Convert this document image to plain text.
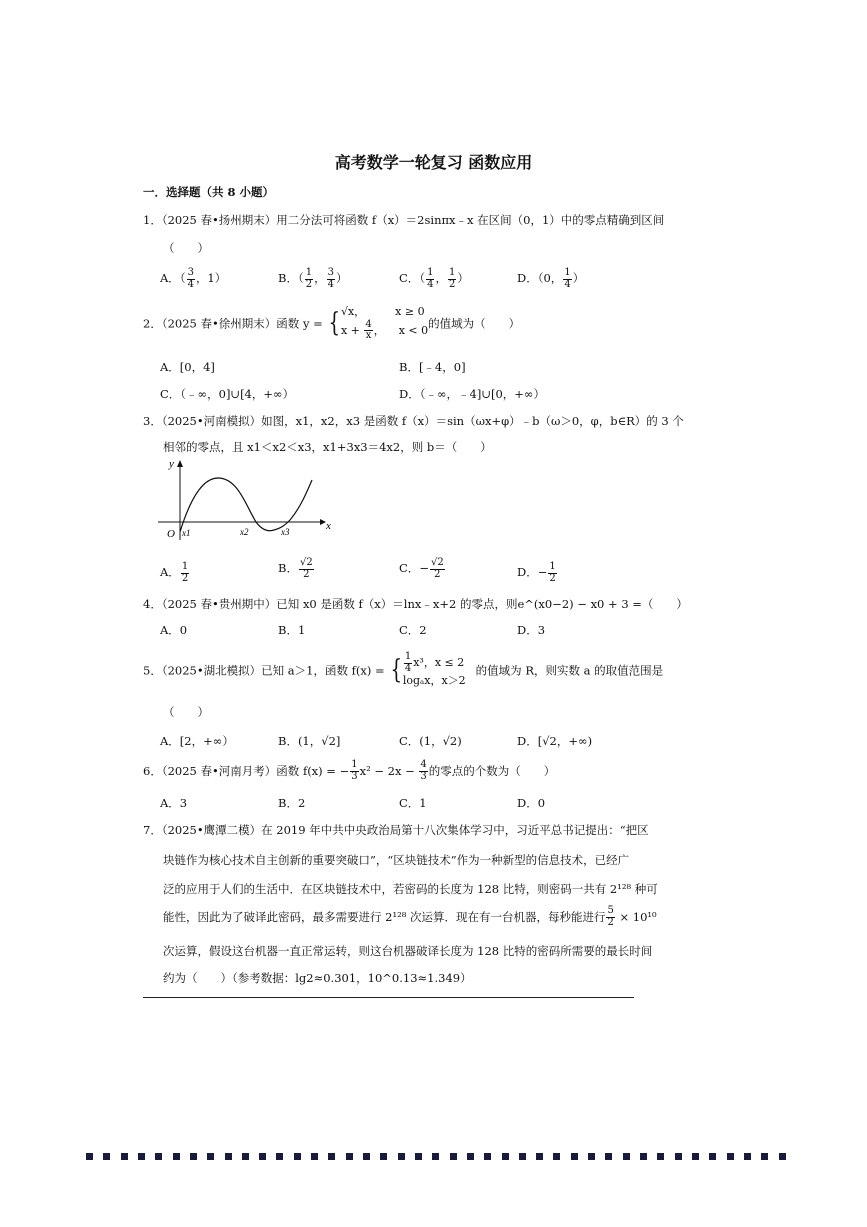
高考数学一轮复习 函数应用
一．选择题（共 8 小题）
1．（2025 春•扬州期末）用二分法可将函数 f（x）＝2sinπx﹣x 在区间（0，1）中的零点精确到区间
（　　）
A．（ $\frac{3}{4}$ ，1）	B．（ $\frac{1}{2}$ ， $\frac{3}{4}$ ）	C．（ $\frac{1}{4}$ ， $\frac{1}{2}$ ）	D．（0， $\frac{1}{4}$ ）
2．（2025 春•徐州期末）函数 y = { √x，	x ≥ 0
$x + \frac{4}{x}$ ， x < 0 的值域为（　　）
A．[0，4]	B．[﹣4，0]
C．（﹣∞，0]∪[4，+∞）	D．（﹣∞，﹣4]∪[0，+∞）
3．（2025•河南模拟）如图，x1，x2，x3 是函数 f（x）＝sin（ωx+φ）﹣b（ω＞0，φ，b∈R）的 3 个
相邻的零点，且 x1＜x2＜x3，x1+3x3＝4x2，则 b＝（　　）
y
x
O x1	x2	x3
A． $\frac{1}{2}$	B． $\frac{√2}{2}$	C．− $\frac{√2}{2}$	D．− $\frac{1}{2}$
4．（2025 春•贵州期中）已知 x0 是函数 f（x）＝lnx﹣x+2 的零点，则e^(x0−2) − x0 + 3 =（　　）
A．0	B．1	C．2	D．3
5．（2025•湖北模拟）已知 a＞1，函数 f(x) = { $\frac{1}{4} x^3$，x ≤ 2
logₐx，x＞2
的值域为 R，则实数 a 的取值范围是
（　　）
A．[2，+∞）	B．(1，√2]	C．(1，√2)	D．[√2，+∞)
6．（2025 春•河南月考）函数 f(x) = − $\frac{1}{3} x^2 - 2x - \frac{4}{3}$ 的零点的个数为（　　）
A．3	B．2	C．1	D．0
7．（2025•鹰潭二模）在 2019 年中共中央政治局第十八次集体学习中，习近平总书记提出：“把区
块链作为核心技术自主创新的重要突破口”，“区块链技术”作为一种新型的信息技术，已经广
泛的应用于人们的生活中．在区块链技术中，若密码的长度为 128 比特，则密码一共有 2¹²⁸ 种可
能性，因此为了破译此密码，最多需要进行 2¹²⁸ 次运算．现在有一台机器，每秒能进行 $\frac{5}{2} \times 10^{10}$
次运算，假设这台机器一直正常运转，则这台机器破译长度为 128 比特的密码所需要的最长时间
约为（　　）（参考数据：lg2≈0.301，10^0.13≈1.349）
